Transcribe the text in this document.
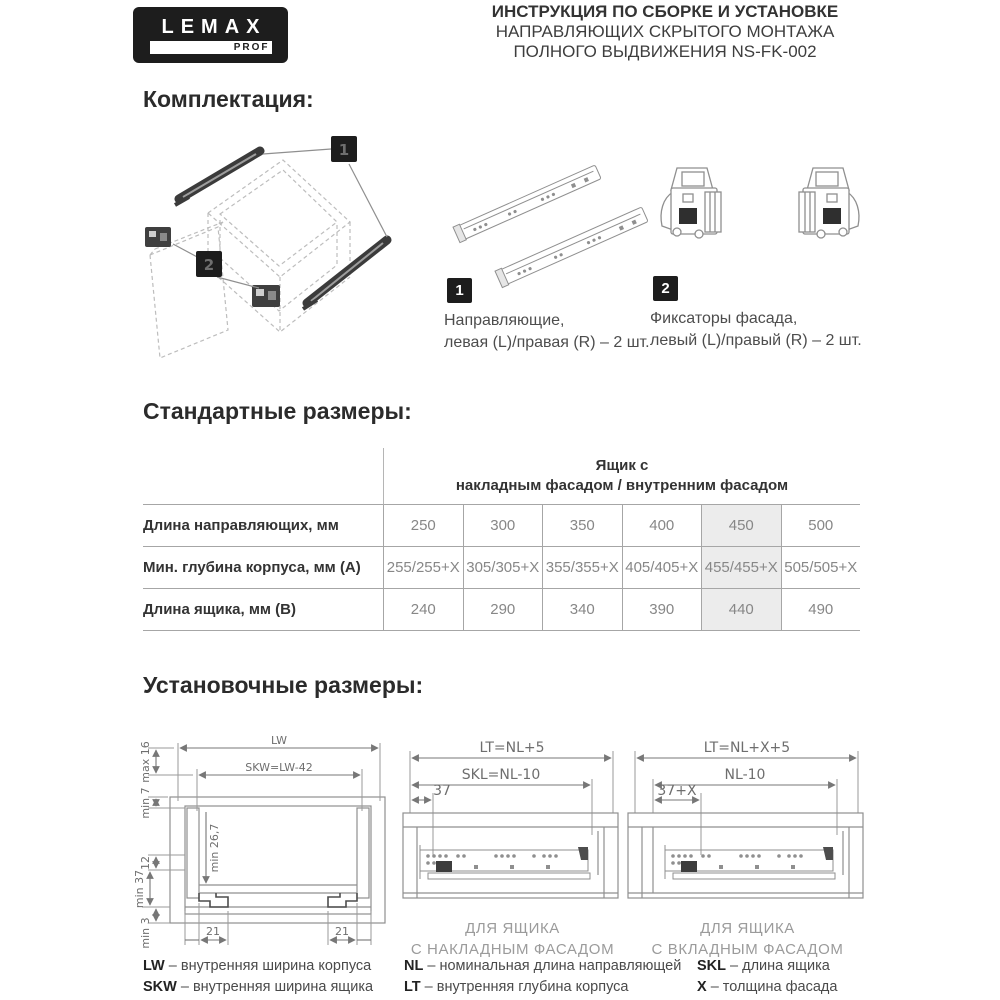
LEMAX
PROF
ИНСТРУКЦИЯ ПО СБОРКЕ И УСТАНОВКЕ
НАПРАВЛЯЮЩИХ СКРЫТОГО МОНТАЖА
ПОЛНОГО ВЫДВИЖЕНИЯ NS-FK-002
Комплектация:
1
2
1
Направляющие,
левая (L)/правая (R) – 2 шт.
2
Фиксаторы фасада,
левый (L)/правый (R) – 2 шт.
Стандартные размеры:
Ящик с
накладным фасадом / внутренним фасадом
Длина направляющих, мм	250	300	350	400	450	500
Мин. глубина корпуса, мм (А)	255/255+X 305/305+X 355/355+X 405/405+X 455/455+X 505/505+X
Длина ящика, мм (В)	240	290	340	390	440	490
Установочные размеры:
LW
SKW=LW-42
max 16
min 7
min 26,7
12
min 37
min 3	21	21
LT=NL+5
SKL=NL-10
37
ДЛЯ ЯЩИКА
С НАКЛАДНЫМ ФАСАДОМ
LT=NL+X+5
NL-10
37+X
ДЛЯ ЯЩИКА
С ВКЛАДНЫМ ФАСАДОМ
LW – внутренняя ширина корпуса
SKW – внутренняя ширина ящика
NL – номинальная длина направляющей
LT – внутренняя глубина корпуса
SKL – длина ящика
X – толщина фасада
